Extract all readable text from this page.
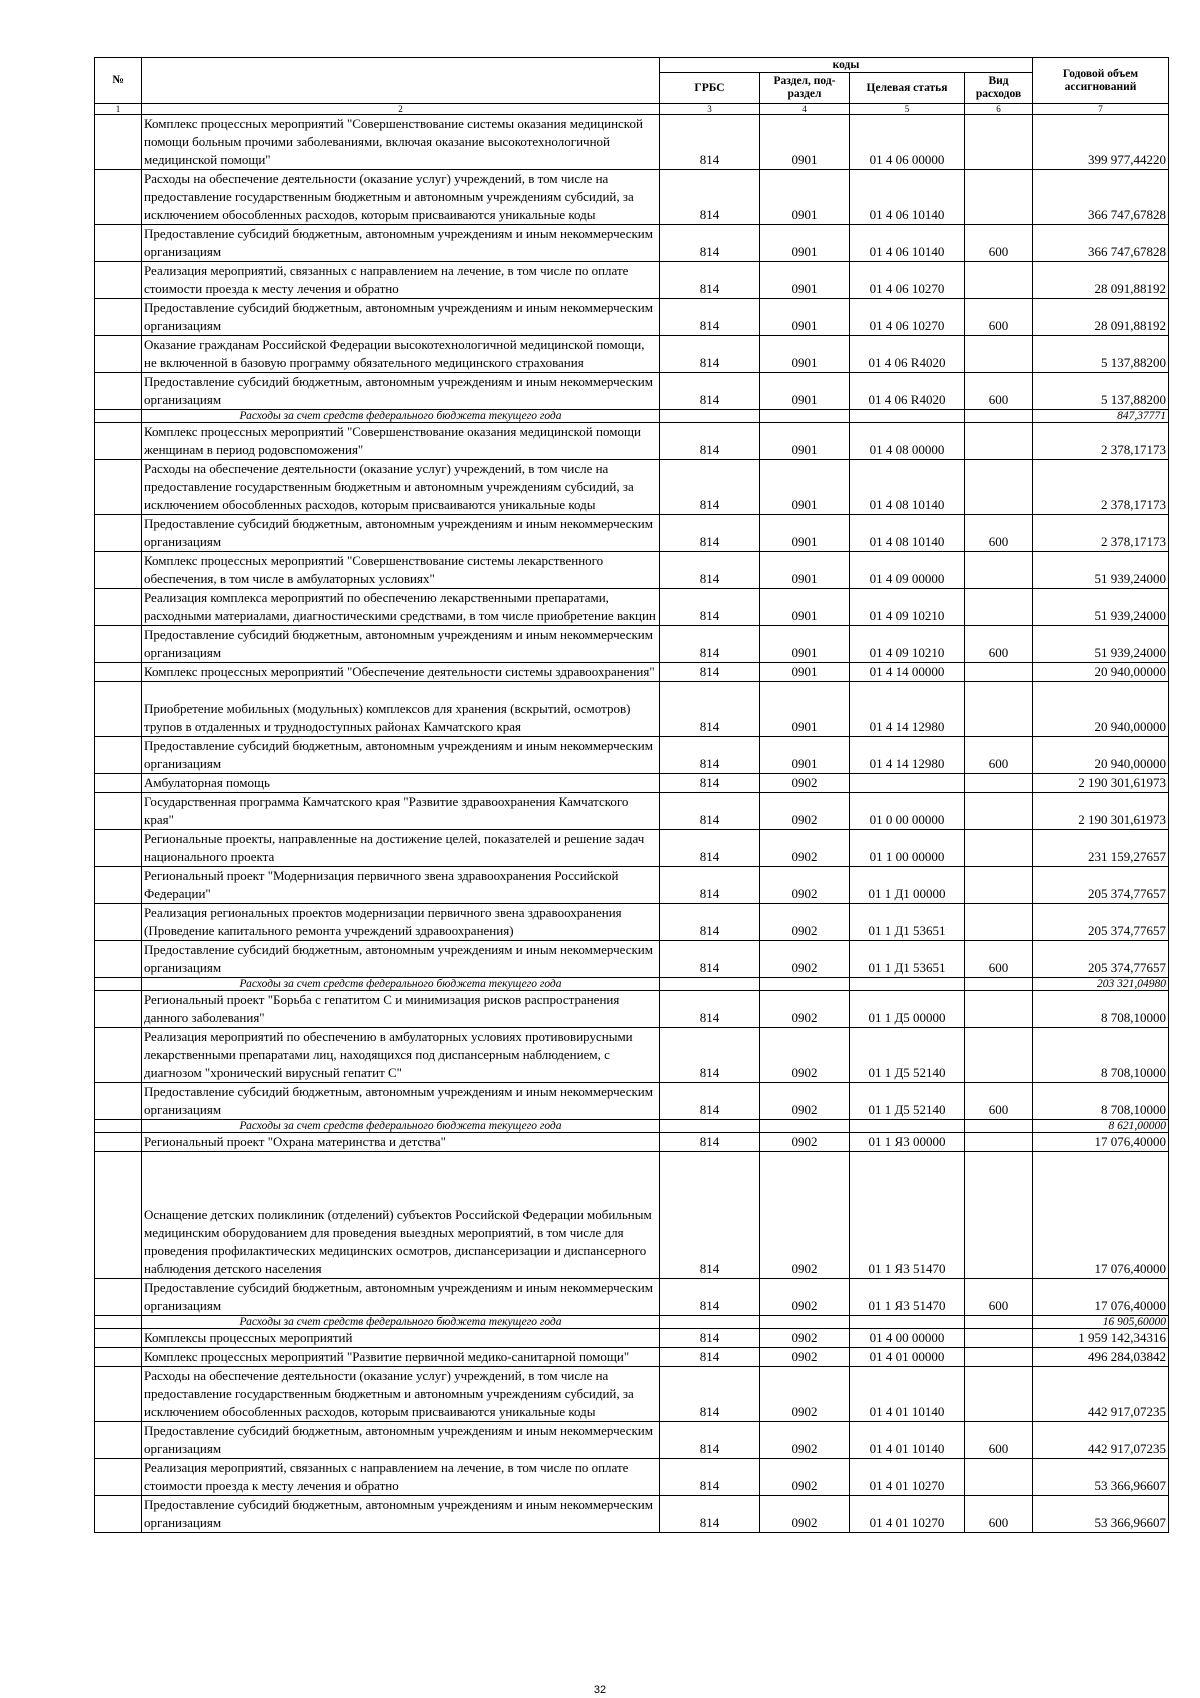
№		коды				Годовой объем ассигнований
		ГРБС	Раздел, под-раздел	Целевая статья	Вид расходов	
1	2	3	4	5	6	7
	Комплекс процессных мероприятий "Совершенствование системы оказания медицинской помощи больным прочими заболеваниями, включая оказание высокотехнологичной медицинской помощи"	814	0901	01 4 06 00000		399 977,44220
	Расходы на обеспечение деятельности (оказание услуг) учреждений, в том числе на предоставление государственным бюджетным и автономным учреждениям субсидий, за исключением обособленных расходов, которым присваиваются уникальные коды	814	0901	01 4 06 10140		366 747,67828
	Предоставление субсидий бюджетным, автономным учреждениям и иным некоммерческим организациям	814	0901	01 4 06 10140	600	366 747,67828
	Реализация мероприятий, связанных с направлением на лечение, в том числе по оплате стоимости проезда к месту лечения и обратно	814	0901	01 4 06 10270		28 091,88192
	Предоставление субсидий бюджетным, автономным учреждениям и иным некоммерческим организациям	814	0901	01 4 06 10270	600	28 091,88192
	Оказание гражданам Российской Федерации высокотехнологичной медицинской помощи, не включенной в базовую программу обязательного медицинского страхования	814	0901	01 4 06 R4020		5 137,88200
	Предоставление субсидий бюджетным, автономным учреждениям и иным некоммерческим организациям	814	0901	01 4 06 R4020	600	5 137,88200
	Расходы за счет средств федерального бюджета текущего года					847,37771
	Комплекс процессных мероприятий "Совершенствование оказания медицинской помощи женщинам в период родовспоможения"	814	0901	01 4 08 00000		2 378,17173
	Расходы на обеспечение деятельности (оказание услуг) учреждений, в том числе на предоставление государственным бюджетным и автономным учреждениям субсидий, за исключением обособленных расходов, которым присваиваются уникальные коды	814	0901	01 4 08 10140		2 378,17173
	Предоставление субсидий бюджетным, автономным учреждениям и иным некоммерческим организациям	814	0901	01 4 08 10140	600	2 378,17173
	Комплекс процессных мероприятий "Совершенствование системы лекарственного обеспечения, в том числе в амбулаторных условиях"	814	0901	01 4 09 00000		51 939,24000
	Реализация комплекса мероприятий по обеспечению лекарственными препаратами, расходными материалами, диагностическими средствами, в том числе приобретение вакцин	814	0901	01 4 09 10210		51 939,24000
	Предоставление субсидий бюджетным, автономным учреждениям и иным некоммерческим организациям	814	0901	01 4 09 10210	600	51 939,24000
	Комплекс процессных мероприятий "Обеспечение деятельности системы здравоохранения"	814	0901	01 4 14 00000		20 940,00000
	Приобретение мобильных (модульных) комплексов для хранения (вскрытий, осмотров) трупов в отдаленных и труднодоступных районах Камчатского края	814	0901	01 4 14 12980		20 940,00000
	Предоставление субсидий бюджетным, автономным учреждениям и иным некоммерческим организациям	814	0901	01 4 14 12980	600	20 940,00000
	Амбулаторная помощь	814	0902			2 190 301,61973
	Государственная программа Камчатского края "Развитие здравоохранения Камчатского края"	814	0902	01 0 00 00000		2 190 301,61973
	Региональные проекты, направленные на достижение целей, показателей и решение задач национального проекта	814	0902	01 1 00 00000		231 159,27657
	Региональный проект "Модернизация первичного звена здравоохранения Российской Федерации"	814	0902	01 1 Д1 00000		205 374,77657
	Реализация региональных проектов модернизации первичного звена здравоохранения (Проведение капитального ремонта учреждений здравоохранения)	814	0902	01 1 Д1 53651		205 374,77657
	Предоставление субсидий бюджетным, автономным учреждениям и иным некоммерческим организациям	814	0902	01 1 Д1 53651	600	205 374,77657
	Расходы за счет средств федерального бюджета текущего года					203 321,04980
	Региональный проект "Борьба с гепатитом С и минимизация рисков распространения данного заболевания"	814	0902	01 1 Д5 00000		8 708,10000
	Реализация мероприятий по обеспечению в амбулаторных условиях противовирусными лекарственными препаратами лиц, находящихся под диспансерным наблюдением, с диагнозом "хронический вирусный гепатит С"	814	0902	01 1 Д5 52140		8 708,10000
	Предоставление субсидий бюджетным, автономным учреждениям и иным некоммерческим организациям	814	0902	01 1 Д5 52140	600	8 708,10000
	Расходы за счет средств федерального бюджета текущего года					8 621,00000
	Региональный проект "Охрана материнства и детства"	814	0902	01 1 Я3 00000		17 076,40000
	Оснащение детских поликлиник (отделений) субъектов Российской Федерации мобильным медицинским оборудованием для проведения выездных мероприятий, в том числе для проведения профилактических медицинских осмотров, диспансеризации и диспансерного наблюдения детского населения	814	0902	01 1 Я3 51470		17 076,40000
	Предоставление субсидий бюджетным, автономным учреждениям и иным некоммерческим организациям	814	0902	01 1 Я3 51470	600	17 076,40000
	Расходы за счет средств федерального бюджета текущего года					16 905,60000
	Комплексы процессных мероприятий	814	0902	01 4 00 00000		1 959 142,34316
	Комплекс процессных мероприятий "Развитие первичной медико-санитарной помощи"	814	0902	01 4 01 00000		496 284,03842
	Расходы на обеспечение деятельности (оказание услуг) учреждений, в том числе на предоставление государственным бюджетным и автономным учреждениям субсидий, за исключением обособленных расходов, которым присваиваются уникальные коды	814	0902	01 4 01 10140		442 917,07235
	Предоставление субсидий бюджетным, автономным учреждениям и иным некоммерческим организациям	814	0902	01 4 01 10140	600	442 917,07235
	Реализация мероприятий, связанных с направлением на лечение, в том числе по оплате стоимости проезда к месту лечения и обратно	814	0902	01 4 01 10270		53 366,96607
	Предоставление субсидий бюджетным, автономным учреждениям и иным некоммерческим организациям	814	0902	01 4 01 10270	600	53 366,96607
32
